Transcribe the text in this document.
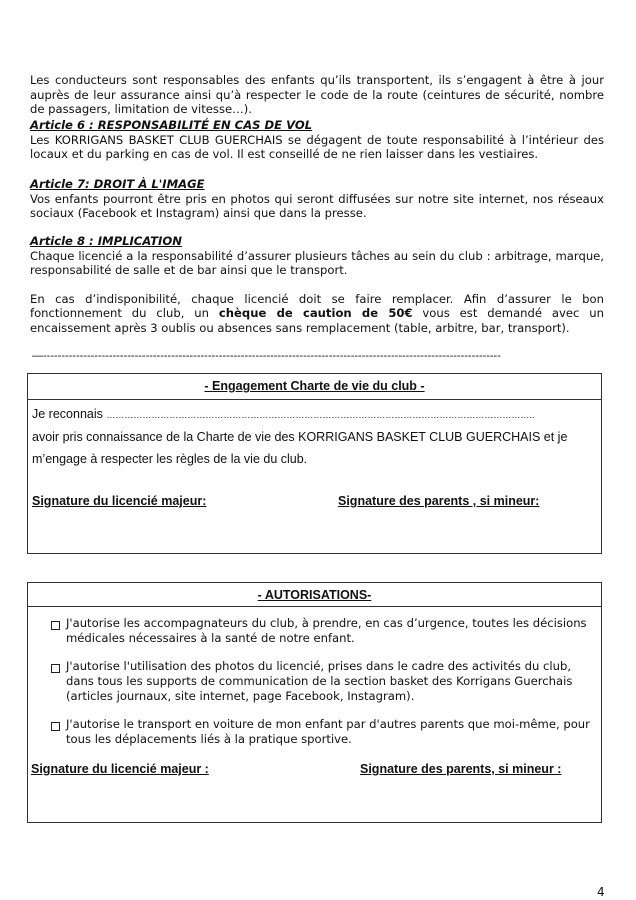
Les conducteurs sont responsables des enfants qu’ils transportent, ils s’engagent à être à jour auprès de leur assurance ainsi qu’à respecter le code de la route (ceintures de sécurité, nombre de passagers, limitation de vitesse…).
Article 6 : RESPONSABILITÉ EN CAS DE VOL
Les KORRIGANS BASKET CLUB GUERCHAIS se dégagent de toute responsabilité à l’intérieur des locaux et du parking en cas de vol. Il est conseillé de ne rien laisser dans les vestiaires.
Article 7: DROIT À L'IMAGE
Vos enfants pourront être pris en photos qui seront diffusées sur notre site internet, nos réseaux sociaux (Facebook et Instagram) ainsi que dans la presse.
Article 8 : IMPLICATION
Chaque licencié a la responsabilité d’assurer plusieurs tâches au sein du club : arbitrage, marque, responsabilité de salle et de bar ainsi que le transport.
En cas d’indisponibilité, chaque licencié doit se faire remplacer. Afin d’assurer le bon fonctionnement du club, un chèque de caution de 50€ vous est demandé avec un encaissement après 3 oublis ou absences sans remplacement (table, arbitre, bar, transport).
—-----------------------------------------------------------------------------------------------------------------------------
- Engagement Charte de vie du club -
Je reconnais ……………………………………………………………………………………………………………………………..
avoir pris connaissance de la Charte de vie des KORRIGANS BASKET CLUB GUERCHAIS et je
m’engage à respecter les règles de la vie du club.
Signature du licencié majeur:	Signature des parents , si mineur:
- AUTORISATIONS-
J'autorise les accompagnateurs du club, à prendre, en cas d’urgence, toutes les décisions médicales nécessaires à la santé de notre enfant.
J'autorise l'utilisation des photos du licencié, prises dans le cadre des activités du club, dans tous les supports de communication de la section basket des Korrigans Guerchais (articles journaux, site internet, page Facebook, Instagram).
J'autorise le transport en voiture de mon enfant par d'autres parents que moi-même, pour tous les déplacements liés à la pratique sportive.
Signature du licencié majeur :	Signature des parents, si mineur :
4
